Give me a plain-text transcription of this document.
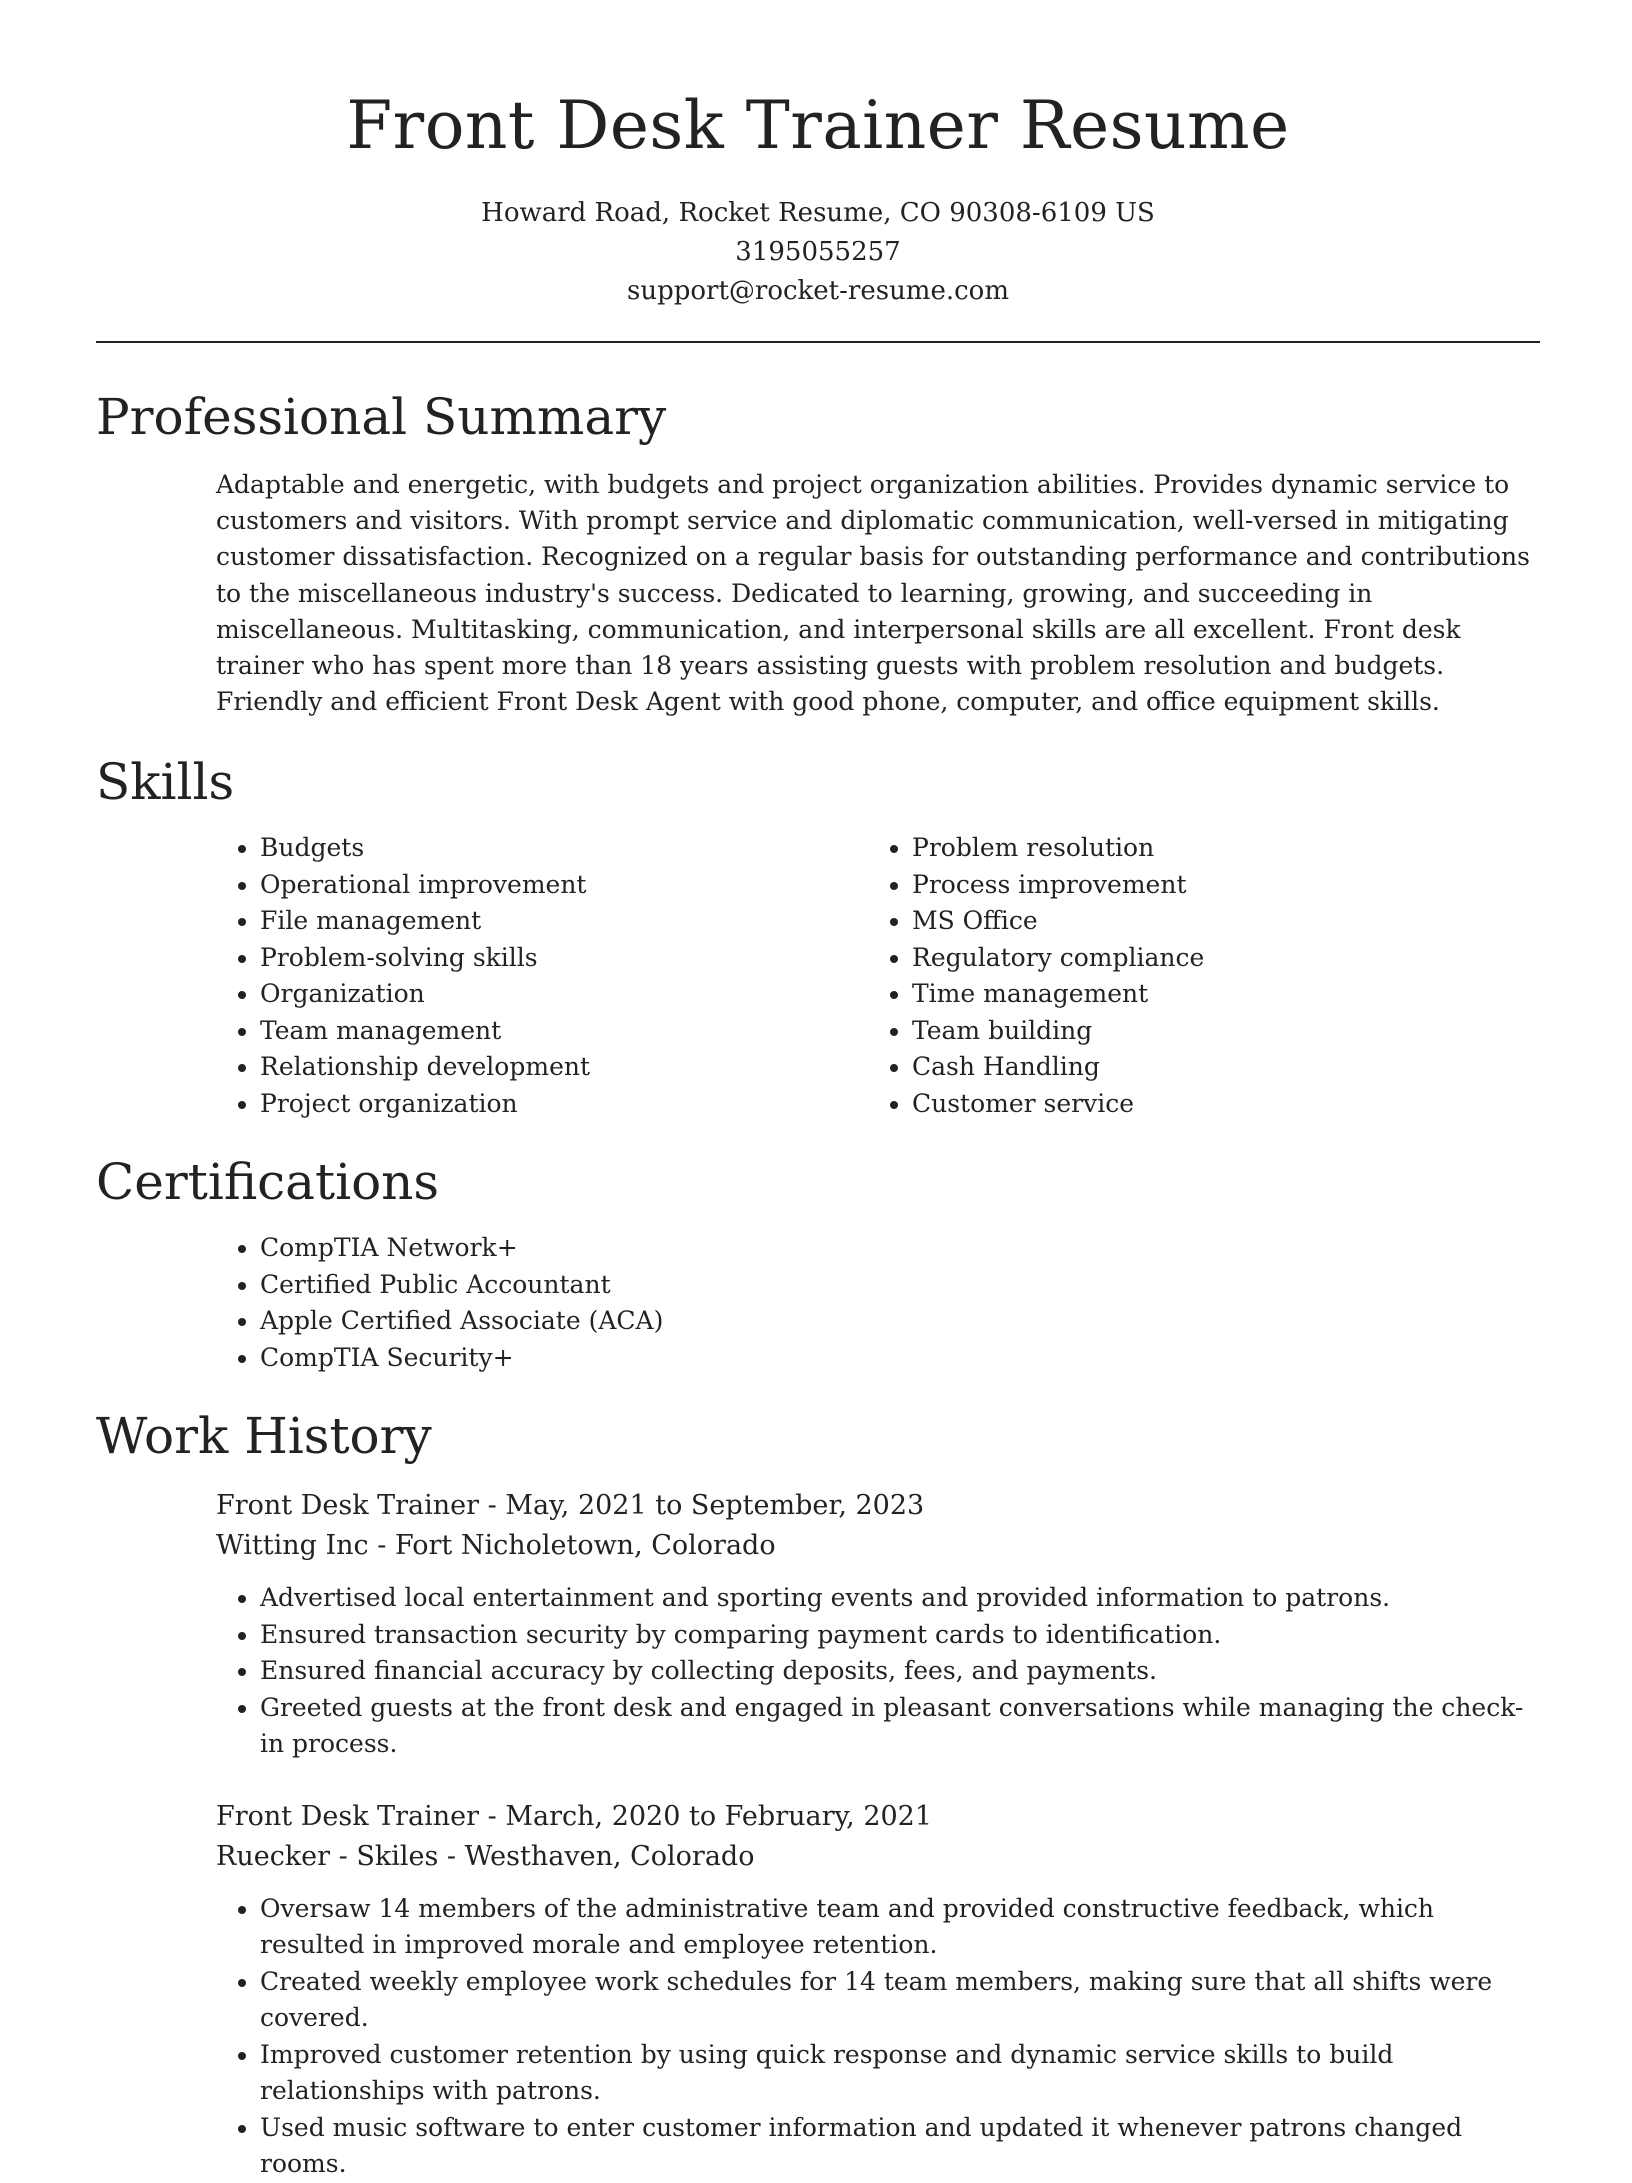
Front Desk Trainer Resume
Howard Road, Rocket Resume, CO 90308-6109 US
3195055257
support@rocket-resume.com
Professional Summary

Adaptable and energetic, with budgets and project organization abilities. Provides dynamic service to customers and visitors. With prompt service and diplomatic communication, well-versed in mitigating customer dissatisfaction. Recognized on a regular basis for outstanding performance and contributions to the miscellaneous industry's success. Dedicated to learning, growing, and succeeding in miscellaneous. Multitasking, communication, and interpersonal skills are all excellent. Front desk trainer who has spent more than 18 years assisting guests with problem resolution and budgets. Friendly and efficient Front Desk Agent with good phone, computer, and office equipment skills.

Skills
• Budgets
• Operational improvement
• File management
• Problem-solving skills
• Organization
• Team management
• Relationship development
• Project organization
• Problem resolution
• Process improvement
• MS Office
• Regulatory compliance
• Time management
• Team building
• Cash Handling
• Customer service
Certifications
• CompTIA Network+
• Certified Public Accountant
• Apple Certified Associate (ACA)
• CompTIA Security+
Work History
Front Desk Trainer - May, 2021 to September, 2023
Witting Inc - Fort Nicholetown, Colorado
• Advertised local entertainment and sporting events and provided information to patrons.
• Ensured transaction security by comparing payment cards to identification.
• Ensured financial accuracy by collecting deposits, fees, and payments.
• Greeted guests at the front desk and engaged in pleasant conversations while managing the check-in process.
Front Desk Trainer - March, 2020 to February, 2021
Ruecker - Skiles - Westhaven, Colorado
• Oversaw 14 members of the administrative team and provided constructive feedback, which resulted in improved morale and employee retention.
• Created weekly employee work schedules for 14 team members, making sure that all shifts were covered.
• Improved customer retention by using quick response and dynamic service skills to build relationships with patrons.
• Used music software to enter customer information and updated it whenever patrons changed rooms.
